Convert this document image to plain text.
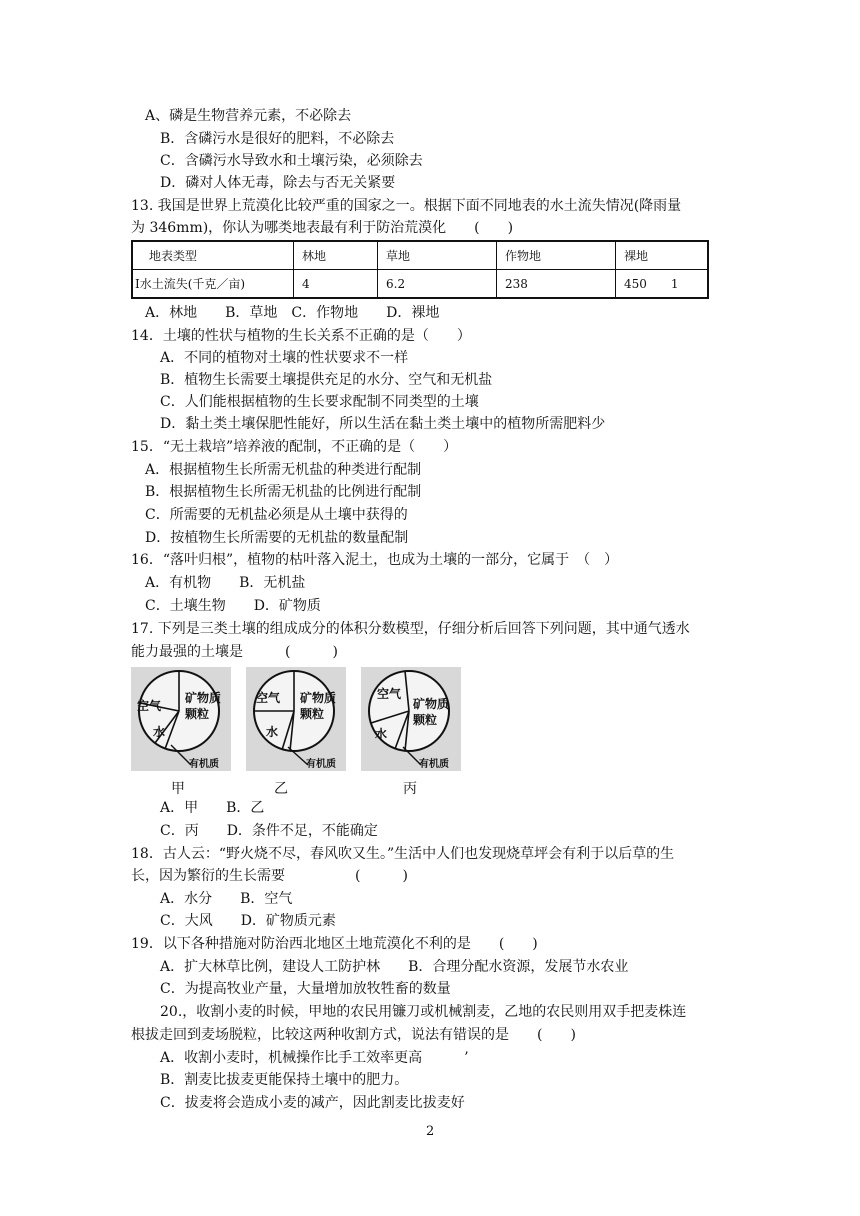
A、磷是生物营养元素，不必除去
B．含磷污水是很好的肥料，不必除去
C．含磷污水导致水和土壤污染，必须除去
D．磷对人体无毒，除去与否无关紧要
13. 我国是世界上荒漠化比较严重的国家之一。根据下面不同地表的水土流失情况(降雨量
为 346mm)，你认为哪类地表最有利于防治荒漠化　　(　　)
地表类型	林地	草地	作物地	裸地
I水土流失(千克／亩)	4	6.2	238	450　　1
A．林地　　B．草地　C．作物地　　D．裸地
14．土壤的性状与植物的生长关系不正确的是（　　）
A．不同的植物对土壤的性状要求不一样
B．植物生长需要土壤提供充足的水分、空气和无机盐
C．人们能根据植物的生长要求配制不同类型的土壤
D．黏土类土壤保肥性能好，所以生活在黏土类土壤中的植物所需肥料少
15．“无土栽培”培养液的配制，不正确的是（　　）
A．根据植物生长所需无机盐的种类进行配制
B．根据植物生长所需无机盐的比例进行配制
C．所需要的无机盐必须是从土壤中获得的
D．按植物生长所需要的无机盐的数量配制
16．“落叶归根”，植物的枯叶落入泥土，也成为土壤的一部分，它属于　（　）
A．有机物　　B．无机盐
C．土壤生物　　D．矿物质
17. 下列是三类土壤的组成成分的体积分数模型，仔细分析后回答下列问题，其中通气透水
能力最强的土壤是　　　(　　　)
空气
矿物质
颗粒
水
有机质
空气 矿物质
颗粒
水
有机质
空气
矿物质
颗粒
水
有机质
甲	乙	丙
A．甲　　B．乙
C．丙　　D．条件不足，不能确定
18．古人云：“野火烧不尽，春风吹又生。”生活中人们也发现烧草坪会有利于以后草的生
长，因为繁衍的生长需要　　　　　(　　　)
A．水分　　B．空气
C．大风　　D．矿物质元素
19．以下各种措施对防治西北地区土地荒漠化不利的是　　(　　)
A．扩大林草比例，建设人工防护林　　B．合理分配水资源，发展节水农业
C．为提高牧业产量，大量增加放牧牲畜的数量
20.，收割小麦的时候，甲地的农民用镰刀或机械割麦，乙地的农民则用双手把麦株连
根拔走回到麦场脱粒，比较这两种收割方式，说法有错误的是　　(　　)
A．收割小麦时，机械操作比手工效率更高　　　’
B．割麦比拔麦更能保持土壤中的肥力。
C．拔麦将会造成小麦的减产，因此割麦比拔麦好
2
